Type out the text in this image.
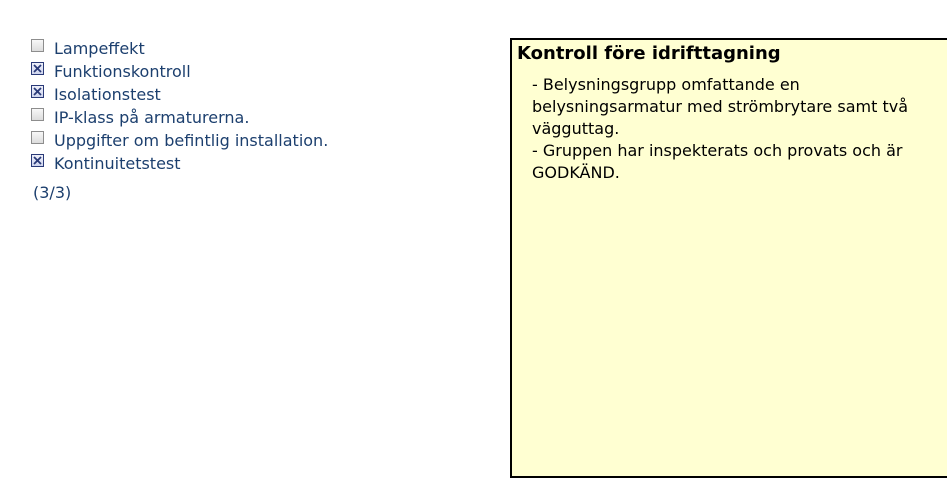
Lampeffekt
Funktionskontroll
Isolationstest
IP-klass på armaturerna.
Uppgifter om befintlig installation.
Kontinuitetstest
(3/3)
Kontroll före idrifttagning

- Belysningsgrupp omfattande en belysningsarmatur med strömbrytare samt två vägguttag.

- Gruppen har inspekterats och provats och är GODKÄND.
